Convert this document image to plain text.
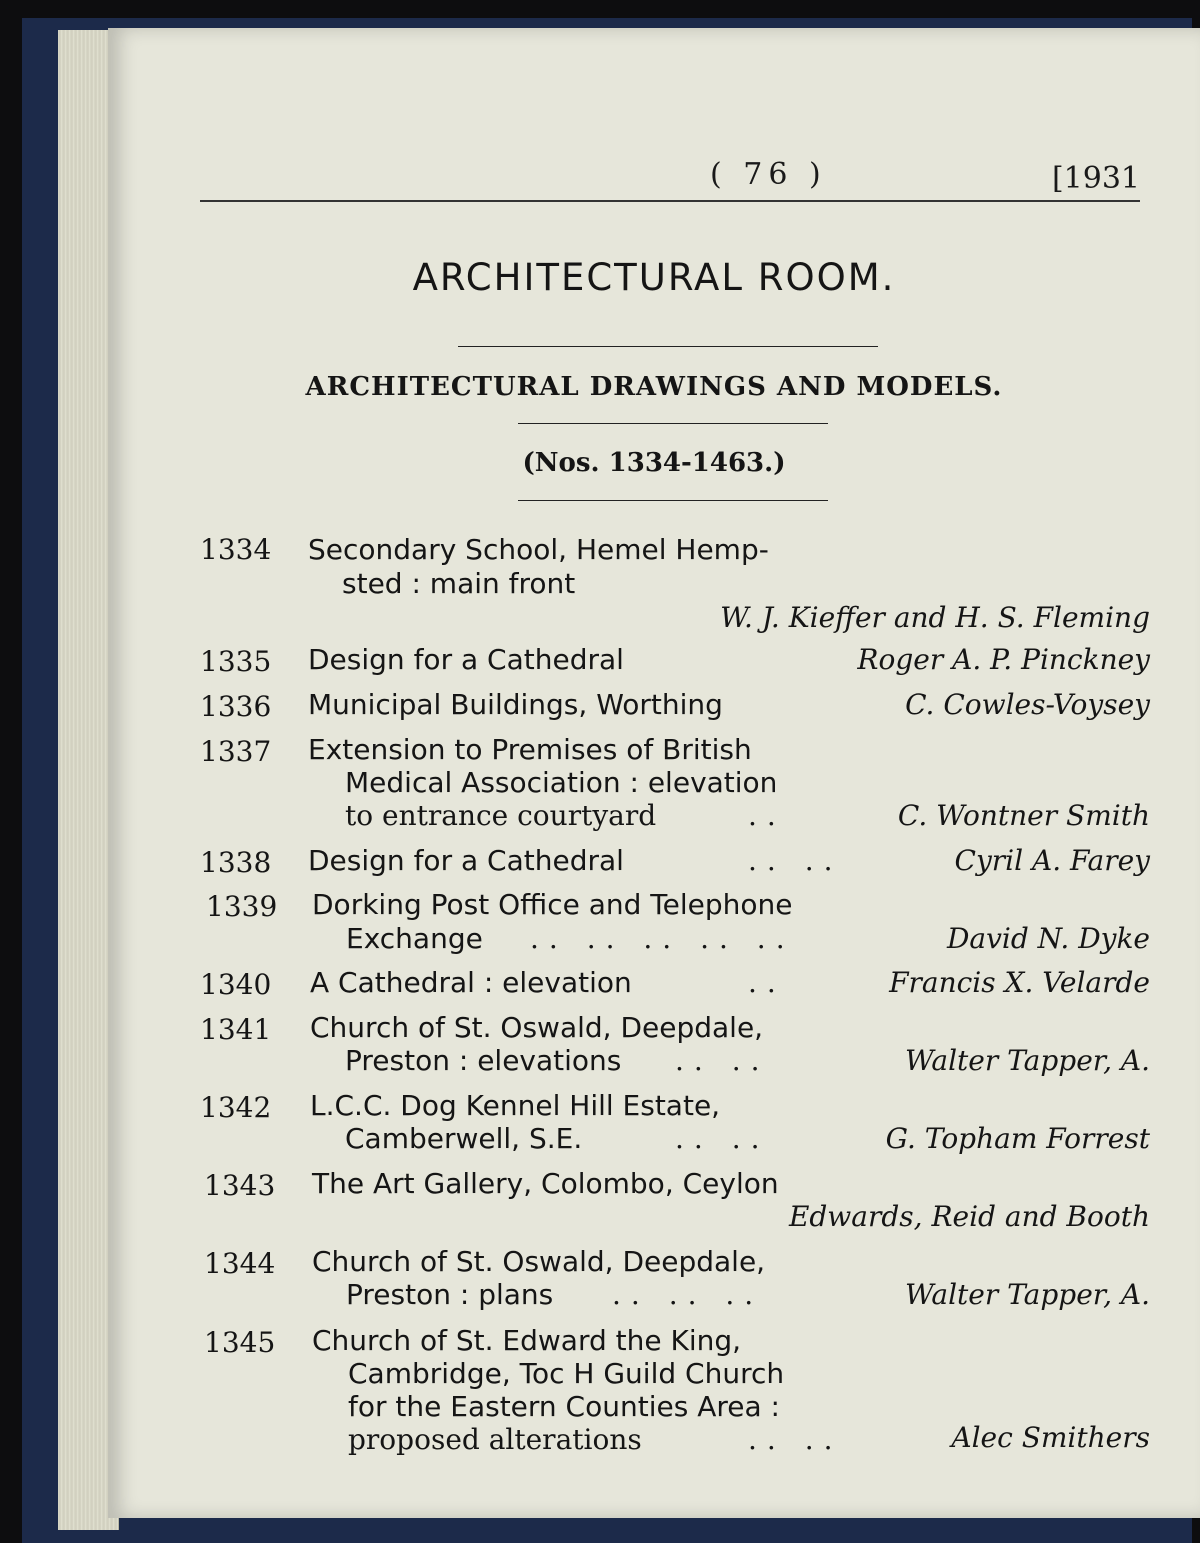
( 76 )	[1931
ARCHITECTURAL ROOM.
ARCHITECTURAL DRAWINGS AND MODELS.
(Nos. 1334-1463.)
1334 Secondary School, Hemel Hemp-
sted : main front
W. J. Kieffer and H. S. Fleming
1335 Design for a Cathedral	Roger A. P. Pinckney
1336 Municipal Buildings, Worthing	C. Cowles-Voysey
1337 Extension to Premises of British
Medical Association : elevation
to entrance courtyard	..	C. Wontner Smith
1338 Design for a Cathedral	.. ..	Cyril A. Farey
1339 Dorking Post Office and Telephone
Exchange .. .. .. .. ..	David N. Dyke
1340 A Cathedral : elevation	..	Francis X. Velarde
1341 Church of St. Oswald, Deepdale,
Preston : elevations .. ..	Walter Tapper, A.
1342 L.C.C. Dog Kennel Hill Estate,
Camberwell, S.E.	.. ..	G. Topham Forrest
1343 The Art Gallery, Colombo, Ceylon
Edwards, Reid and Booth
1344 Church of St. Oswald, Deepdale,
Preston : plans .. .. ..	Walter Tapper, A.
1345 Church of St. Edward the King,
Cambridge, Toc H Guild Church
for the Eastern Counties Area :
proposed alterations	.. ..	Alec Smithers
